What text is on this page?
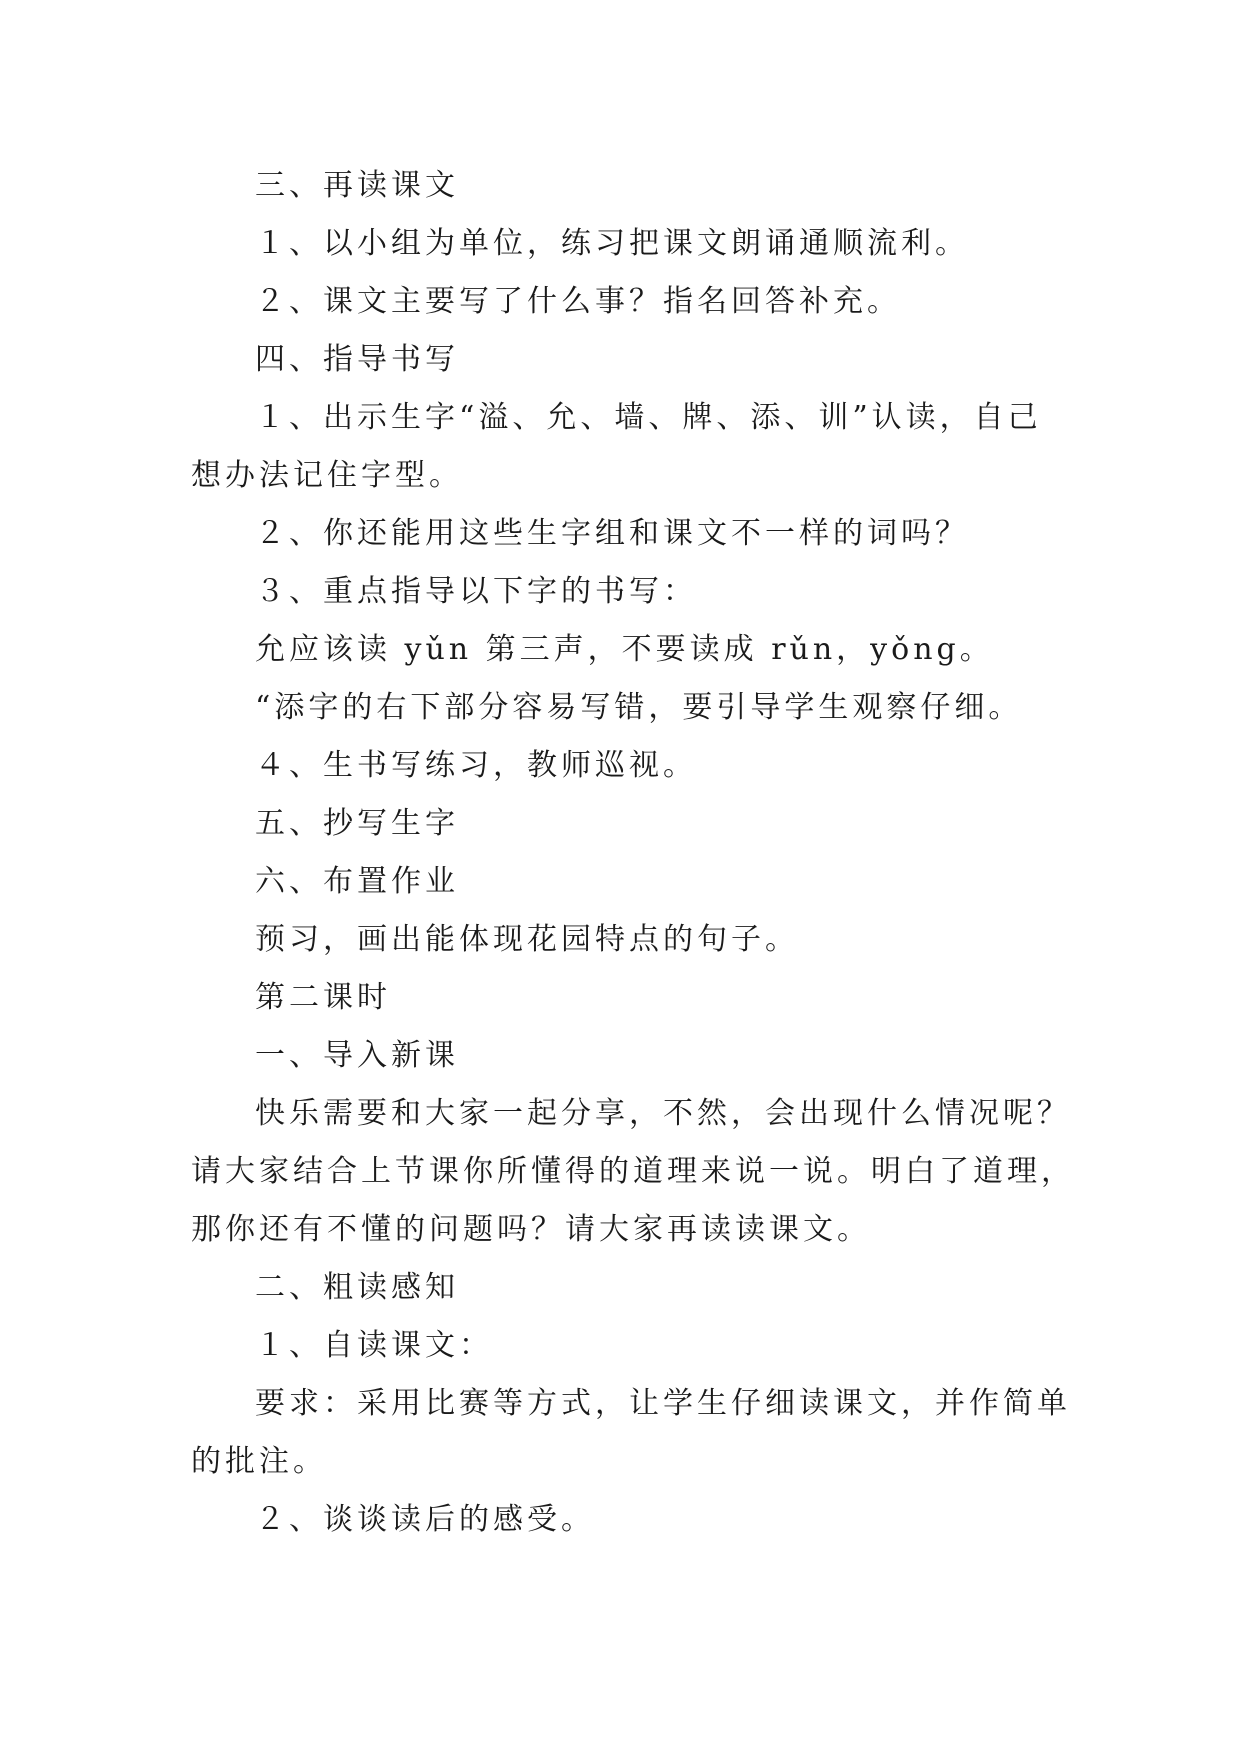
三、再读课文
１、以小组为单位，练习把课文朗诵通顺流利。
２、课文主要写了什么事？指名回答补充。
四、指导书写
１、出示生字“溢、允、墙、牌、添、训”认读，自己
想办法记住字型。
２、你还能用这些生字组和课文不一样的词吗？
３、重点指导以下字的书写：
允应该读 yǔn 第三声，不要读成 rǔn，yǒng。
“添字的右下部分容易写错，要引导学生观察仔细。
４、生书写练习，教师巡视。
五、抄写生字
六、布置作业
预习，画出能体现花园特点的句子。
第二课时
一、导入新课
快乐需要和大家一起分享，不然，会出现什么情况呢？
请大家结合上节课你所懂得的道理来说一说。明白了道理，
那你还有不懂的问题吗？请大家再读读课文。
二、粗读感知
１、自读课文：
要求：采用比赛等方式，让学生仔细读课文，并作简单
的批注。
２、谈谈读后的感受。
